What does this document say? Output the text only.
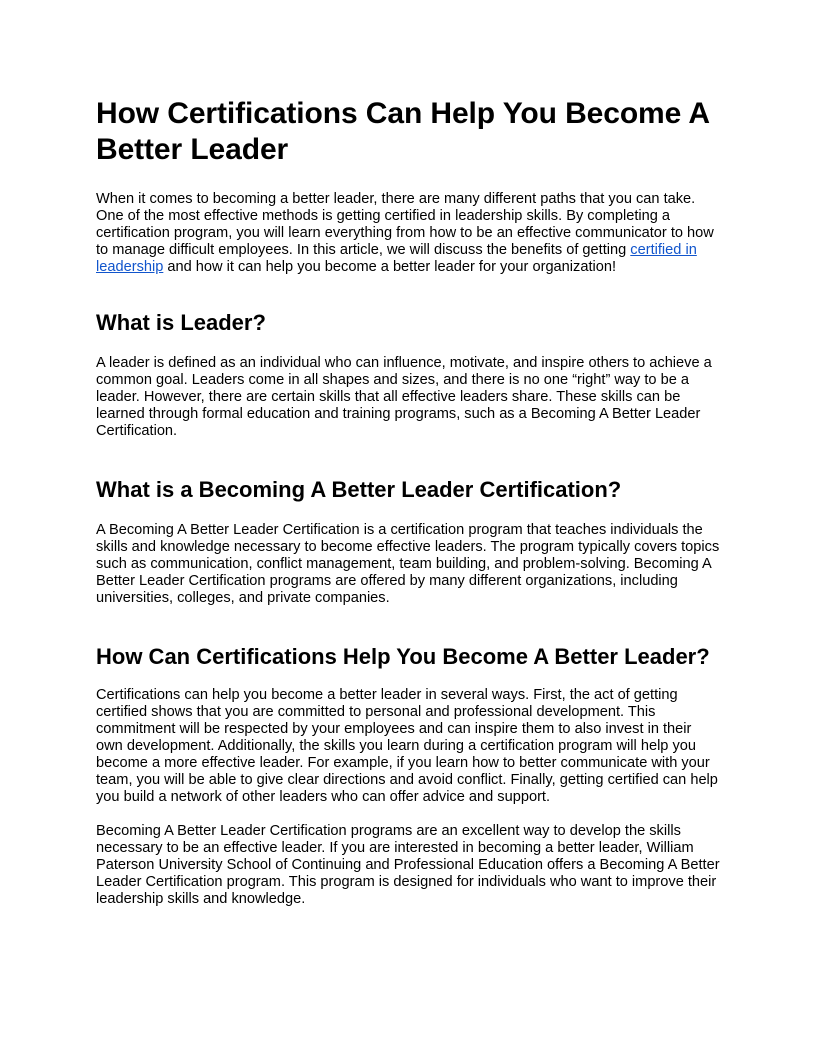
How Certifications Can Help You Become A Better Leader

When it comes to becoming a better leader, there are many different paths that you can take. One of the most effective methods is getting certified in leadership skills. By completing a certification program, you will learn everything from how to be an effective communicator to how to manage difficult employees. In this article, we will discuss the benefits of getting certified in leadership and how it can help you become a better leader for your organization!

What is Leader?

A leader is defined as an individual who can influence, motivate, and inspire others to achieve a common goal. Leaders come in all shapes and sizes, and there is no one “right” way to be a leader. However, there are certain skills that all effective leaders share. These skills can be learned through formal education and training programs, such as a Becoming A Better Leader Certification.

What is a Becoming A Better Leader Certification?

A Becoming A Better Leader Certification is a certification program that teaches individuals the skills and knowledge necessary to become effective leaders. The program typically covers topics such as communication, conflict management, team building, and problem-solving. Becoming A Better Leader Certification programs are offered by many different organizations, including universities, colleges, and private companies.

How Can Certifications Help You Become A Better Leader?

Certifications can help you become a better leader in several ways. First, the act of getting certified shows that you are committed to personal and professional development. This commitment will be respected by your employees and can inspire them to also invest in their own development. Additionally, the skills you learn during a certification program will help you become a more effective leader. For example, if you learn how to better communicate with your team, you will be able to give clear directions and avoid conflict. Finally, getting certified can help you build a network of other leaders who can offer advice and support.

Becoming A Better Leader Certification programs are an excellent way to develop the skills necessary to be an effective leader. If you are interested in becoming a better leader, William Paterson University School of Continuing and Professional Education offers a Becoming A Better Leader Certification program. This program is designed for individuals who want to improve their leadership skills and knowledge.
